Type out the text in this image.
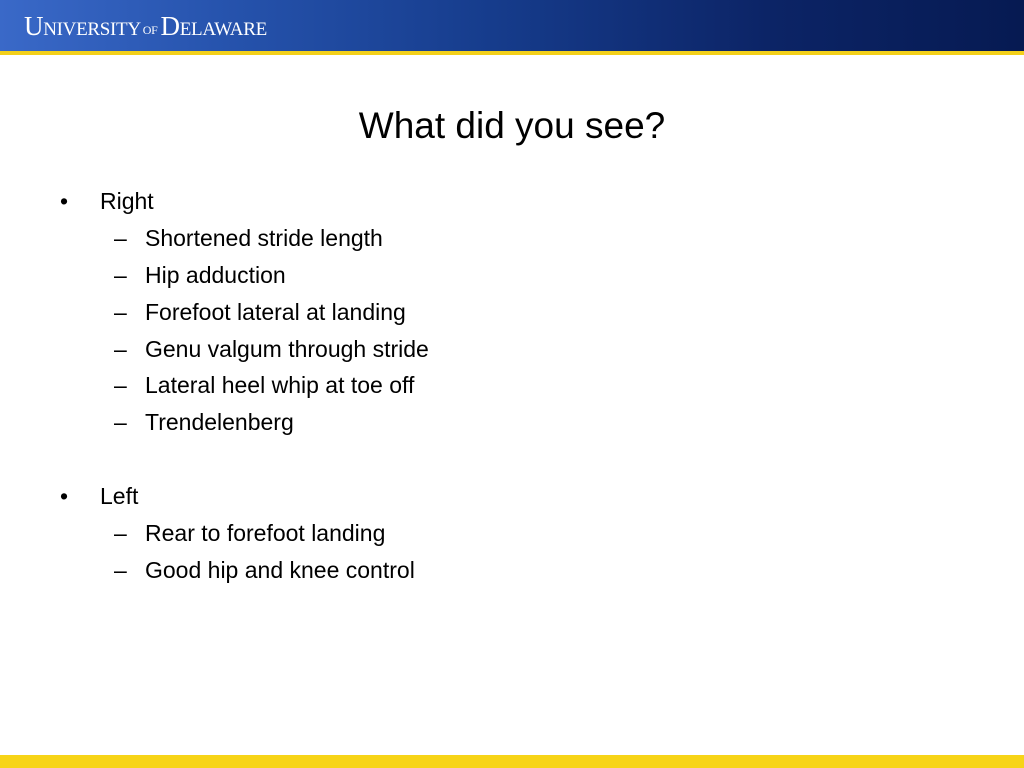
UNIVERSITY OF DELAWARE
What did you see?
• Right
– Shortened stride length
– Hip adduction
– Forefoot lateral at landing
– Genu valgum through stride
– Lateral heel whip at toe off
– Trendelenberg
• Left
– Rear to forefoot landing
– Good hip and knee control
